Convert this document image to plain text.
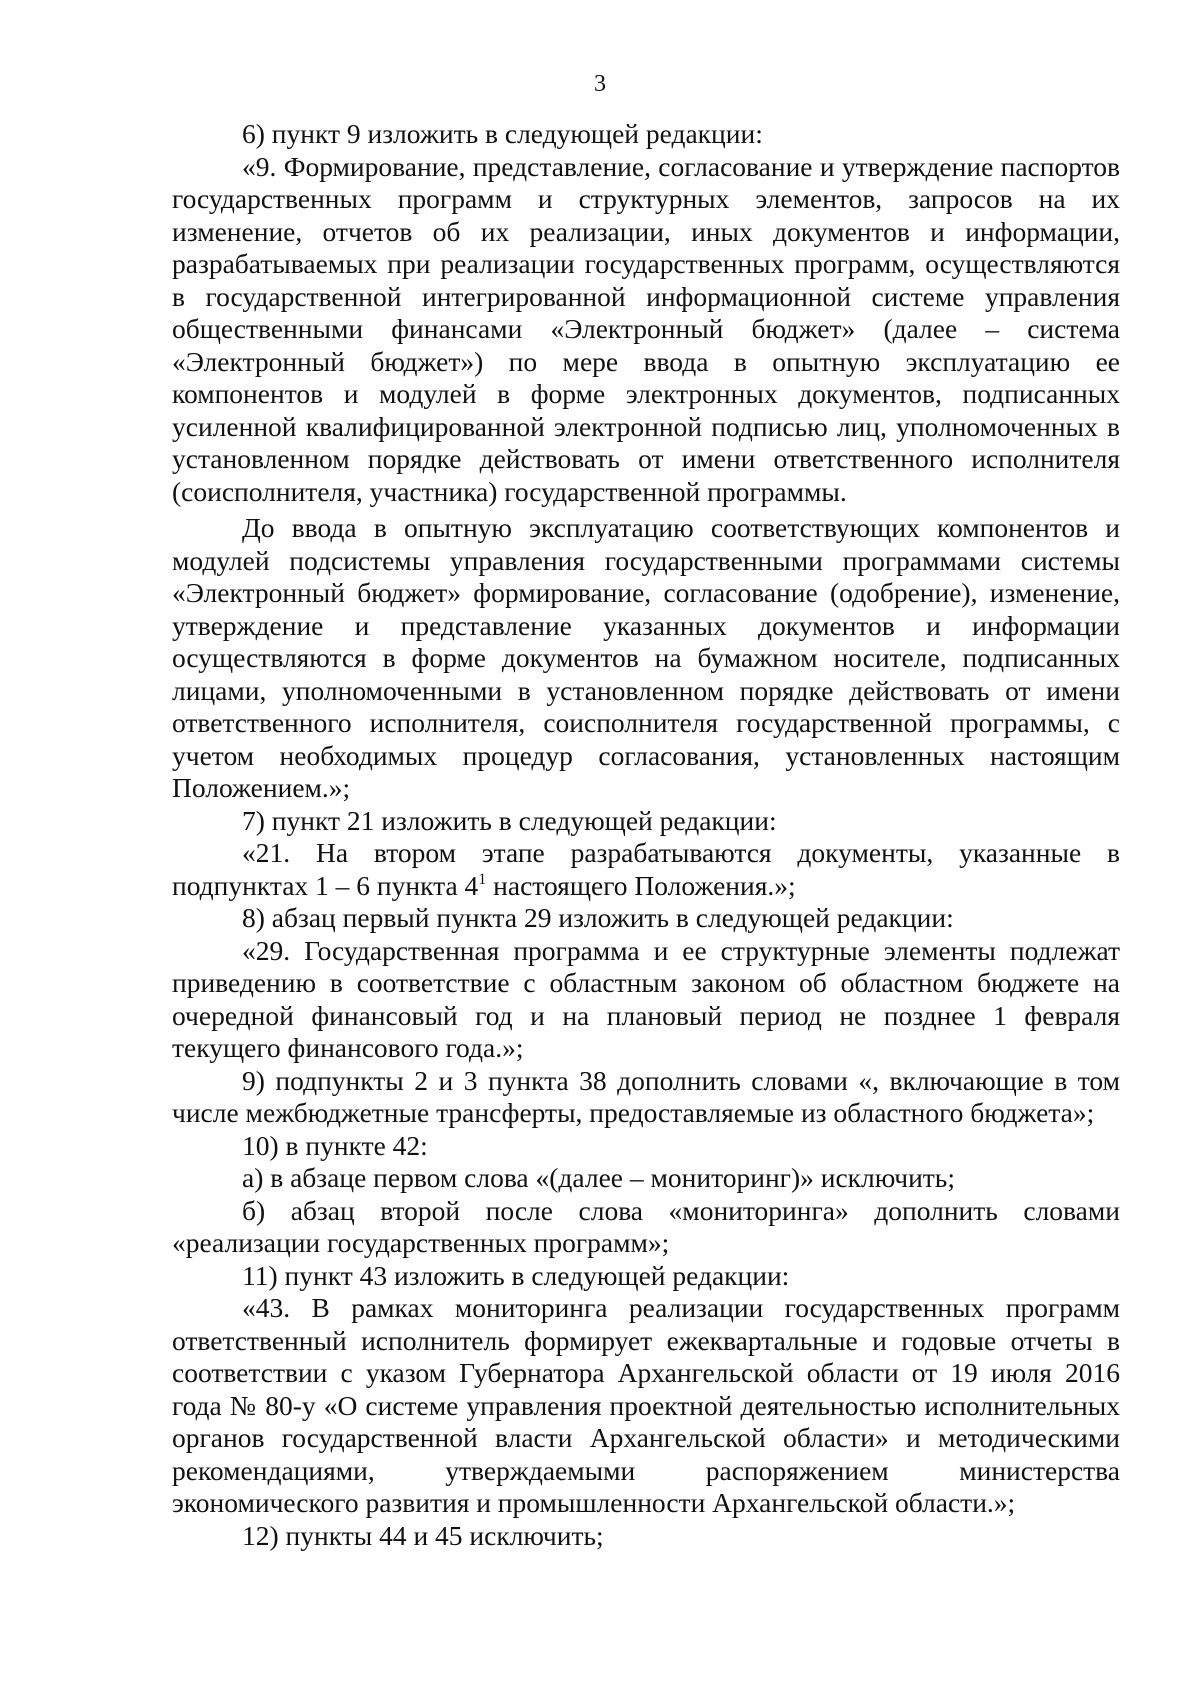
3

6) пункт 9 изложить в следующей редакции:

«9. Формирование, представление, согласование и утверждение паспортов государственных программ и структурных элементов, запросов на их изменение, отчетов об их реализации, иных документов и информации, разрабатываемых при реализации государственных программ, осуществляются в государственной интегрированной информационной системе управления общественными финансами «Электронный бюджет» (далее – система «Электронный бюджет») по мере ввода в опытную эксплуатацию ее компонентов и модулей в форме электронных документов, подписанных усиленной квалифицированной электронной подписью лиц, уполномоченных в установленном порядке действовать от имени ответственного исполнителя (соисполнителя, участника) государственной программы.

До ввода в опытную эксплуатацию соответствующих компонентов и модулей подсистемы управления государственными программами системы «Электронный бюджет» формирование, согласование (одобрение), изменение, утверждение и представление указанных документов и информации осуществляются в форме документов на бумажном носителе, подписанных лицами, уполномоченными в установленном порядке действовать от имени ответственного исполнителя, соисполнителя государственной программы, с учетом необходимых процедур согласования, установленных настоящим Положением.»;

7) пункт 21 изложить в следующей редакции:

«21. На втором этапе разрабатываются документы, указанные в подпунктах 1 – 6 пункта $4^1$ настоящего Положения.»;

8) абзац первый пункта 29 изложить в следующей редакции:

«29. Государственная программа и ее структурные элементы подлежат приведению в соответствие с областным законом об областном бюджете на очередной финансовый год и на плановый период не позднее 1 февраля текущего финансового года.»;

9) подпункты 2 и 3 пункта 38 дополнить словами «, включающие в том числе межбюджетные трансферты, предоставляемые из областного бюджета»;

10) в пункте 42:

а) в абзаце первом слова «(далее – мониторинг)» исключить;

б) абзац второй после слова «мониторинга» дополнить словами «реализации государственных программ»;

11) пункт 43 изложить в следующей редакции:

«43. В рамках мониторинга реализации государственных программ ответственный исполнитель формирует ежеквартальные и годовые отчеты в соответствии с указом Губернатора Архангельской области от 19 июля 2016 года № 80-у «О системе управления проектной деятельностью исполнительных органов государственной власти Архангельской области» и методическими рекомендациями, утверждаемыми распоряжением министерства экономического развития и промышленности Архангельской области.»;

12) пункты 44 и 45 исключить;
